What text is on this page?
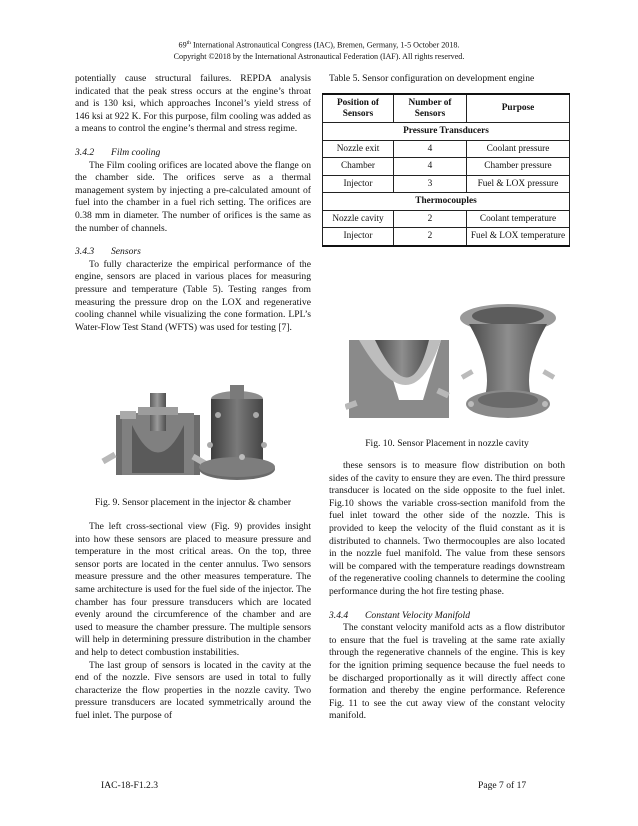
69th International Astronautical Congress (IAC), Bremen, Germany, 1-5 October 2018.
Copyright ©2018 by the International Astronautical Federation (IAF). All rights reserved.

potentially cause structural failures. REPDA analysis indicated that the peak stress occurs at the engine’s throat and is 130 ksi, which approaches Inconel’s yield stress of 146 ksi at 922 K. For this purpose, film cooling was added as a means to control the engine’s thermal and stress regime.

3.4.2 Film cooling

The Film cooling orifices are located above the flange on the chamber side. The orifices serve as a thermal management system by injecting a pre-calculated amount of fuel into the chamber in a fuel rich setting. The orifices are 0.38 mm in diameter. The number of orifices is the same as the number of channels.

3.4.3 Sensors

To fully characterize the empirical performance of the engine, sensors are placed in various places for measuring pressure and temperature (Table 5). Testing ranges from measuring the pressure drop on the LOX and regenerative cooling channel while visualizing the cone formation. LPL’s Water-Flow Test Stand (WFTS) was used for testing [7].

Fig. 9. Sensor placement in the injector & chamber

The left cross-sectional view (Fig. 9) provides insight into how these sensors are placed to measure pressure and temperature in the most critical areas. On the top, three sensor ports are located in the center annulus. Two sensors measure pressure and the other measures temperature. The same architecture is used for the fuel side of the injector. The chamber has four pressure transducers which are located evenly around the circumference of the chamber and are used to measure the chamber pressure. The multiple sensors will help in determining pressure distribution in the chamber and help to detect combustion instabilities.

The last group of sensors is located in the cavity at the end of the nozzle. Five sensors are used in total to fully characterize the flow properties in the nozzle cavity. Two pressure transducers are located symmetrically around the fuel inlet. The purpose of

Table 5. Sensor configuration on development engine
Position of Sensors	Number of Sensors	Purpose
Pressure Transducers		
Nozzle exit	4	Coolant pressure
Chamber	4	Chamber pressure
Injector	3	Fuel & LOX pressure
Thermocouples		
Nozzle cavity	2	Coolant temperature
Injector	2	Fuel & LOX temperature
Fig. 10. Sensor Placement in nozzle cavity

these sensors is to measure flow distribution on both sides of the cavity to ensure they are even. The third pressure transducer is located on the side opposite to the fuel inlet. Fig.10 shows the variable cross-section manifold from the fuel inlet toward the other side of the nozzle. This is provided to keep the velocity of the fluid constant as it is distributed to channels. Two thermocouples are also located in the nozzle fuel manifold. The value from these sensors will be compared with the temperature readings downstream of the regenerative cooling channels to determine the cooling performance during the hot fire testing phase.

3.4.4 Constant Velocity Manifold

The constant velocity manifold acts as a flow distributor to ensure that the fuel is traveling at the same rate axially through the regenerative channels of the engine. This is key for the ignition priming sequence because the fuel needs to be discharged proportionally as it will directly affect cone formation and thereby the engine performance. Reference Fig. 11 to see the cut away view of the constant velocity manifold.

IAC-18-F1.2.3	Page 7 of 17
